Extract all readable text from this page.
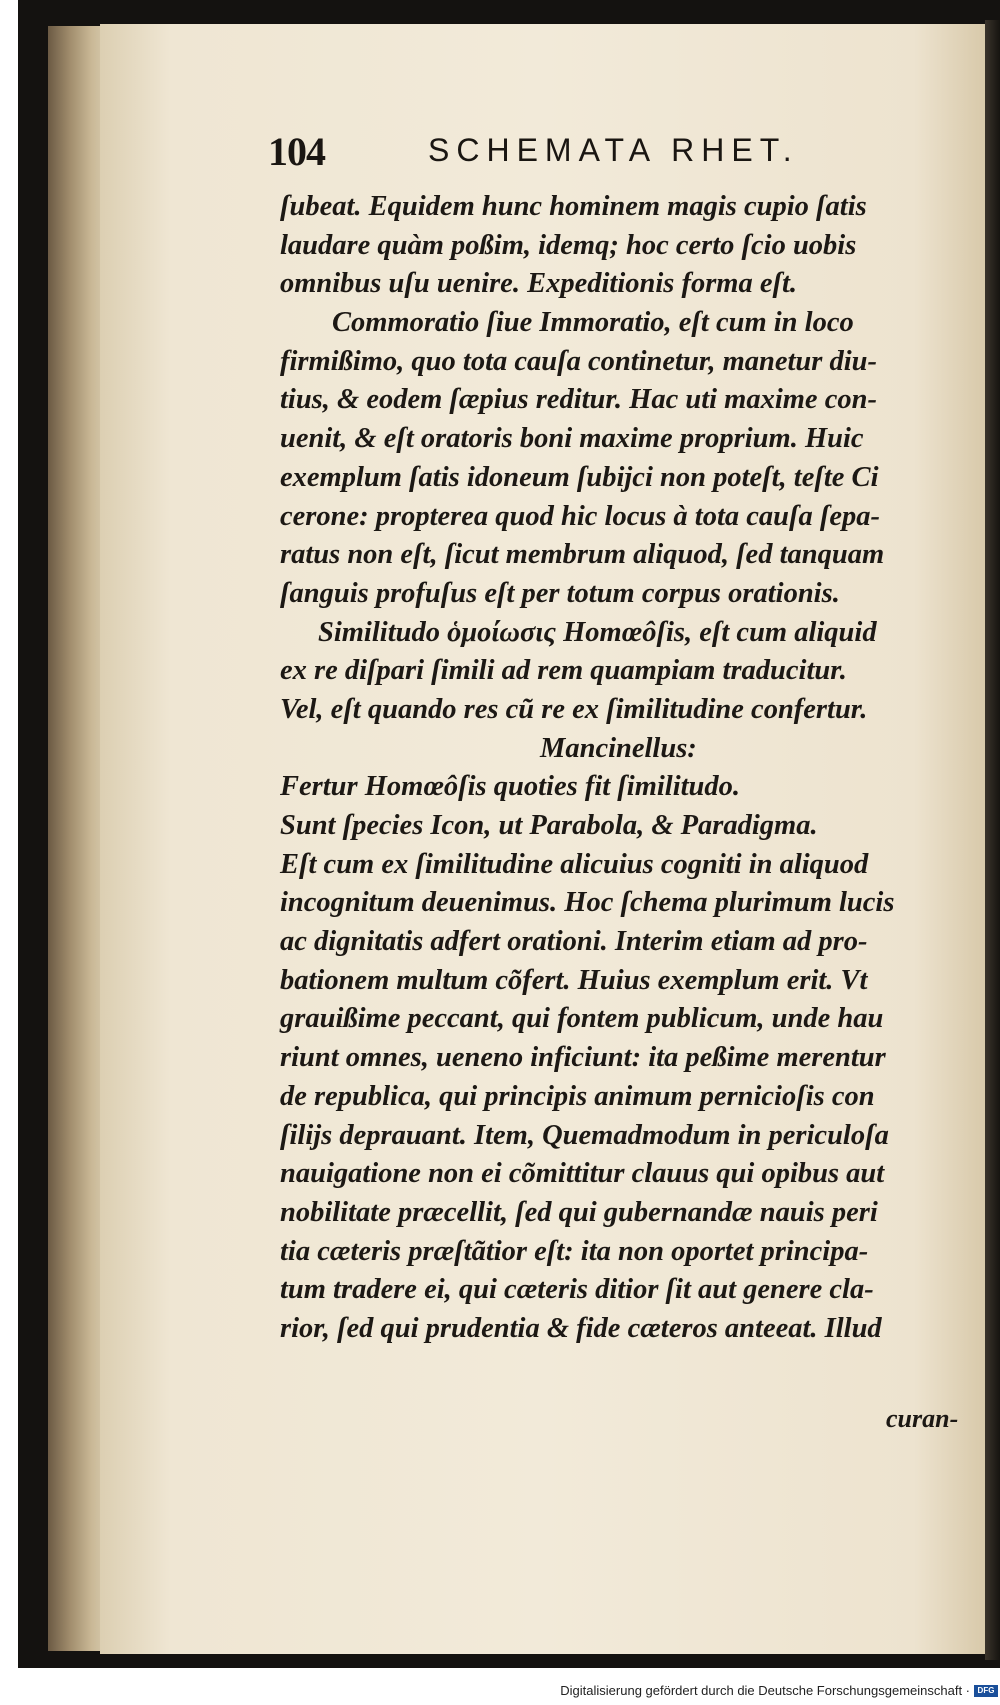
104	SCHEMATA RHET.
ſubeat. Equidem hunc hominem magis cupio ſatis
laudare quàm poßim, idemq; hoc certo ſcio uobis
omnibus uſu uenire. Expeditionis forma eſt.
Commoratio ſiue Immoratio, eſt cum in loco
firmißimo, quo tota cauſa continetur, manetur diu-
tius, & eodem ſæpius reditur. Hac uti maxime con-
uenit, & eſt oratoris boni maxime proprium. Huic
exemplum ſatis idoneum ſubijci non poteſt, teſte Ci
cerone: propterea quod hic locus à tota cauſa ſepa-
ratus non eſt, ſicut membrum aliquod, ſed tanquam
ſanguis profuſus eſt per totum corpus orationis.
Similitudo ὁμοίωσις Homœôſis, eſt cum aliquid
ex re diſpari ſimili ad rem quampiam traducitur.
Vel, eſt quando res cũ re ex ſimilitudine confertur.
Mancinellus:
Fertur Homœôſis quoties fit ſimilitudo.
Sunt ſpecies Icon, ut Parabola, & Paradigma.
Eſt cum ex ſimilitudine alicuius cogniti in aliquod
incognitum deuenimus. Hoc ſchema plurimum lucis
ac dignitatis adfert orationi. Interim etiam ad pro-
bationem multum cõfert. Huius exemplum erit. Vt
grauißime peccant, qui fontem publicum, unde hau
riunt omnes, ueneno inficiunt: ita peßime merentur
de republica, qui principis animum pernicioſis con
ſilijs deprauant. Item, Quemadmodum in periculoſa
nauigatione non ei cõmittitur clauus qui opibus aut
nobilitate præcellit, ſed qui gubernandæ nauis peri
tia cæteris præſtãtior eſt: ita non oportet principa-
tum tradere ei, qui cæteris ditior ſit aut genere cla-
rior, ſed qui prudentia & fide cæteros anteeat. Illud
curan-
Digitalisierung gefördert durch die Deutsche Forschungsgemeinschaft · DFG
